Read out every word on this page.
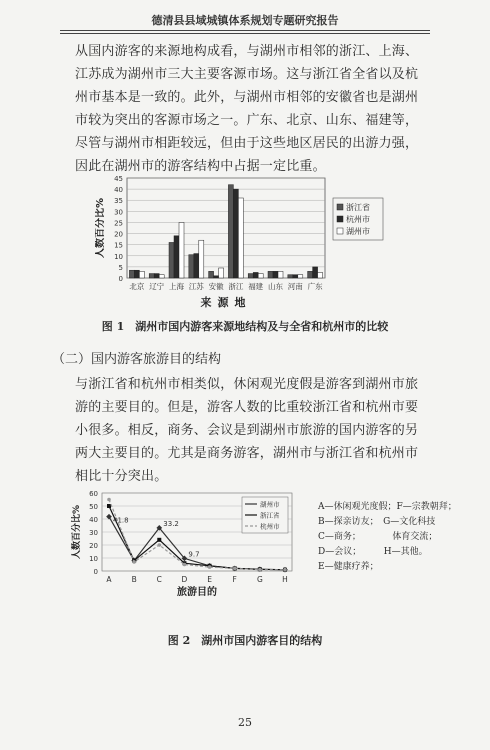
德清县县域城镇体系规划专题研究报告
从国内游客的来源地构成看，与湖州市相邻的浙江、上海、江苏成为湖州市三大主要客源市场。这与浙江省全省以及杭州市基本是一致的。此外，与湖州市相邻的安徽省也是湖州市较为突出的客源市场之一。广东、北京、山东、福建等，尽管与湖州市相距较远，但由于这些地区居民的出游力强，因此在湖州市的游客结构中占据一定比重。
0
5
10
15
20
25
30
35
40
45
北京 辽宁 上海 江苏 安徽 浙江 福建 山东 河南 广东
人数百分比%
来源地
浙江省
杭州市
湖州市
图 1　湖州市国内游客来源地结构及与全省和杭州市的比较
（二）国内游客旅游目的结构
与浙江省和杭州市相类似，休闲观光度假是游客到湖州市旅游的主要目的。但是，游客人数的比重较浙江省和杭州市要小很多。相反，商务、会议是到湖州市旅游的国内游客的另两大主要目的。尤其是商务游客，湖州市与浙江省和杭州市相比十分突出。
0
10
20
30
40
50
60
A	B	C	D	E	F	G	H
41.8	33.2
9.7
人数百分比%
旅游目的
湖州市
浙江省
杭州市
A—休闲观光度假；F—宗教朝拜；
B—探亲访友；　G—文化科技
C—商务；　　　　体育交流；
D—会议；　　　H—其他。
E—健康疗养；
图 2　湖州市国内游客目的结构
25
